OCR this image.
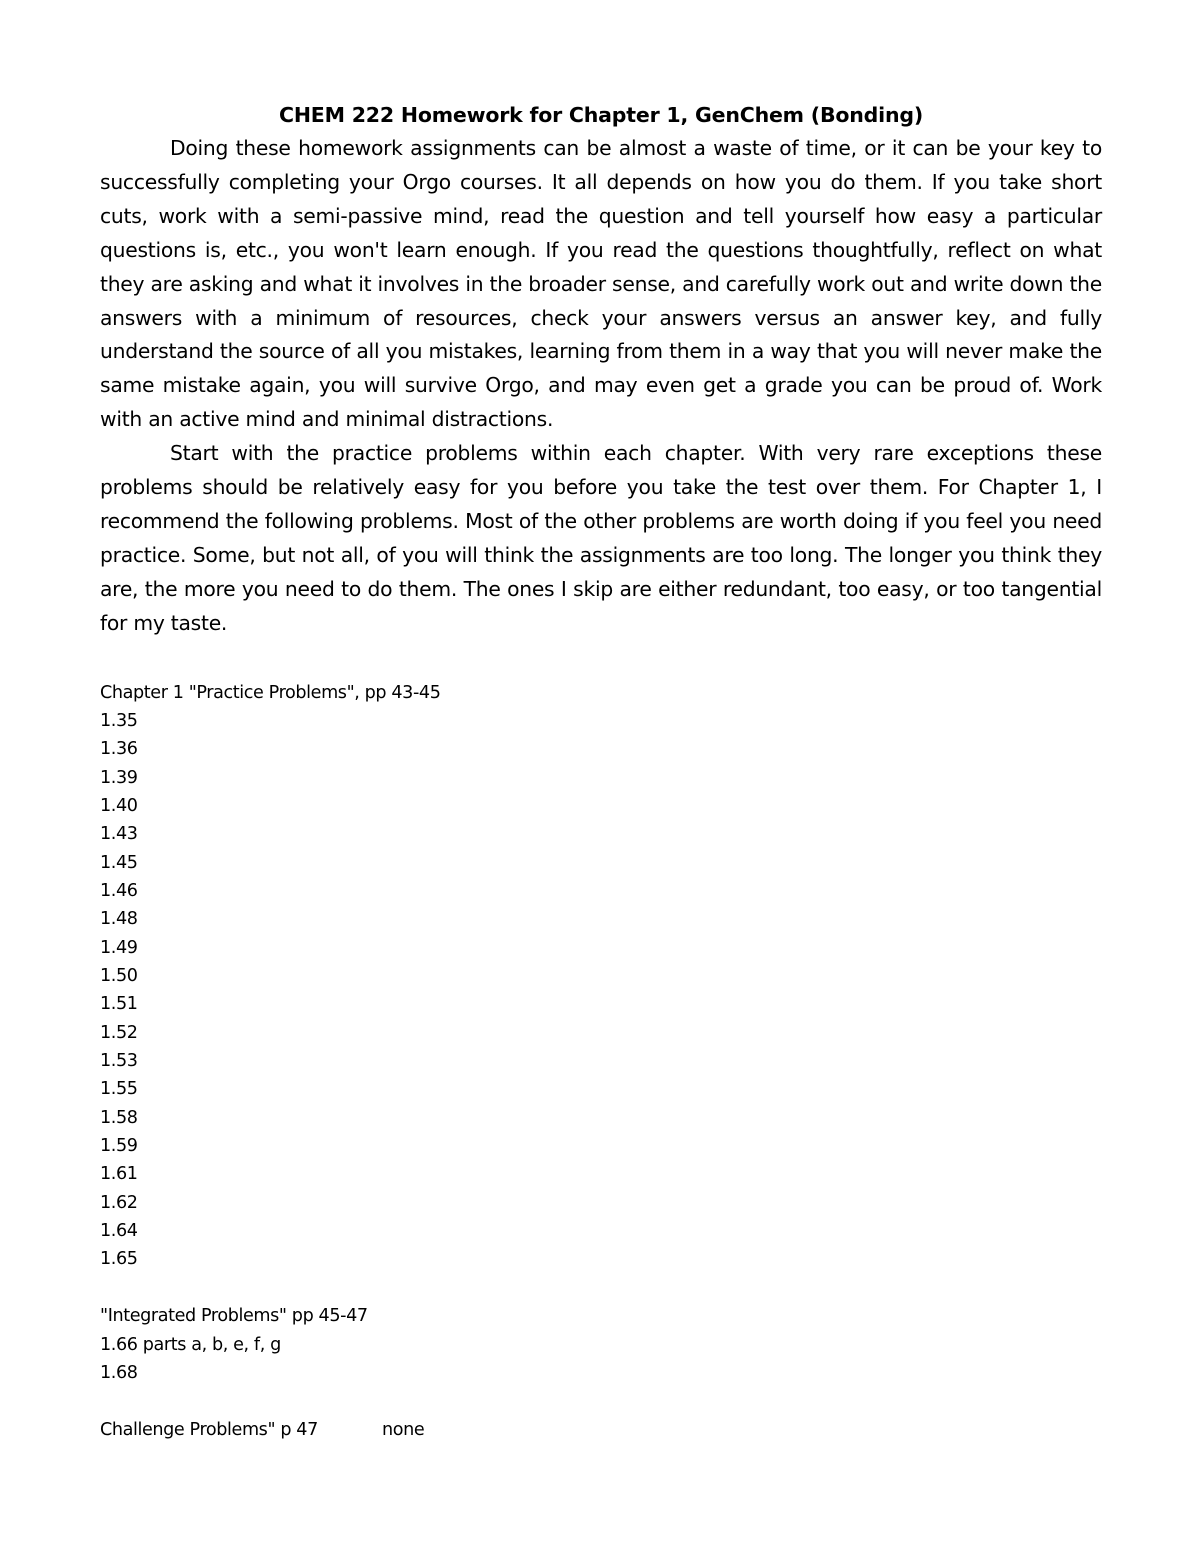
CHEM 222 Homework for Chapter 1, GenChem (Bonding)

Doing these homework assignments can be almost a waste of time, or it can be your key to successfully completing your Orgo courses. It all depends on how you do them. If you take short cuts, work with a semi-passive mind, read the question and tell yourself how easy a particular questions is, etc., you won't learn enough. If you read the questions thoughtfully, reflect on what they are asking and what it involves in the broader sense, and carefully work out and write down the answers with a minimum of resources, check your answers versus an answer key, and fully understand the source of all you mistakes, learning from them in a way that you will never make the same mistake again, you will survive Orgo, and may even get a grade you can be proud of. Work with an active mind and minimal distractions.

Start with the practice problems within each chapter. With very rare exceptions these problems should be relatively easy for you before you take the test over them. For Chapter 1, I recommend the following problems. Most of the other problems are worth doing if you feel you need practice. Some, but not all, of you will think the assignments are too long. The longer you think they are, the more you need to do them. The ones I skip are either redundant, too easy, or too tangential for my taste.

Chapter 1 "Practice Problems", pp 43-45
1.35
1.36
1.39
1.40
1.43
1.45
1.46
1.48
1.49
1.50
1.51
1.52
1.53
1.55
1.58
1.59
1.61
1.62
1.64
1.65
"Integrated Problems" pp 45-47
1.66 parts a, b, e, f, g
1.68
Challenge Problems" p 47	none
